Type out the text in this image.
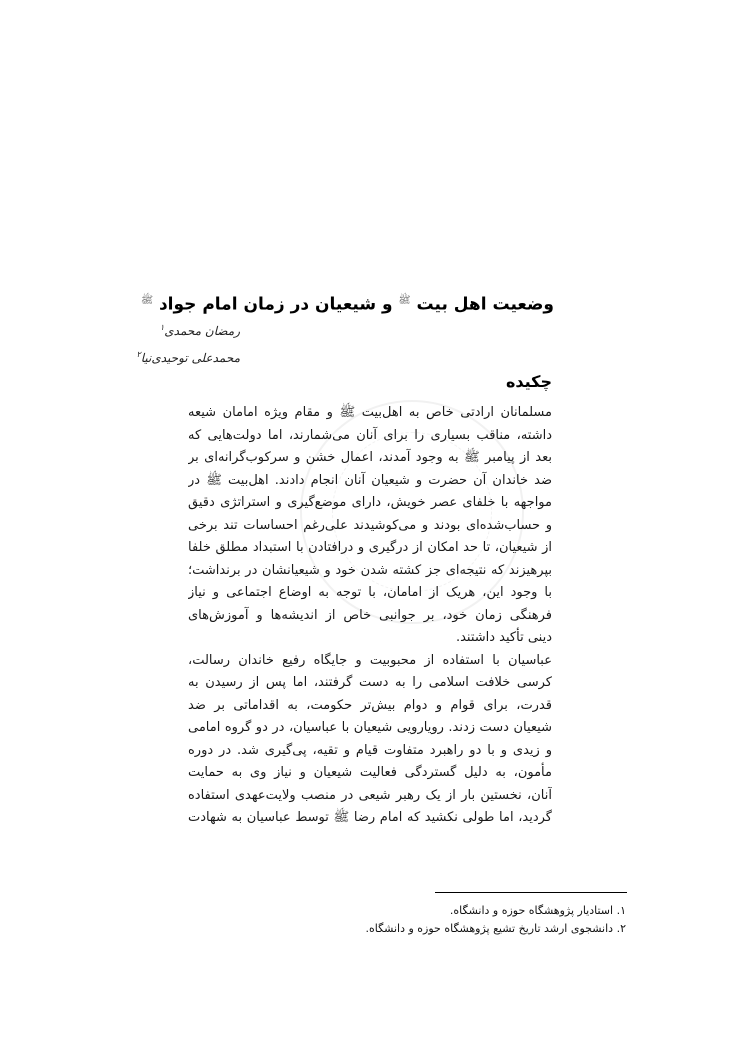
وضعیت اهل بیت $^ﷺ$ و شیعیان در زمان امام جواد $^ﷺ$
رمضان محمدی$^۱$
محمدعلی توحیدی‌نیا$^۲$
چکیده
مسلمانان ارادتی خاص به اهل‌بیت ﷺ و مقام ویژه امامان شیعه
داشته، مناقب بسیاری را برای آنان می‌شمارند، اما دولت‌هایی که
بعد از پیامبر ﷺ به وجود آمدند، اعمال خشن و سرکوب‌گرانه‌ای بر
ضد خاندان آن حضرت و شیعیان آنان انجام دادند. اهل‌بیت ﷺ در
مواجهه با خلفای عصر خویش، دارای موضع‌گیری و استراتژی دقیق
و حساب‌شده‌ای بودند و می‌کوشیدند علی‌رغم احساسات تند برخی
از شیعیان، تا حد امکان از درگیری و درافتادن با استبداد مطلق خلفا
بپرهیزند که نتیجه‌ای جز کشته شدن خود و شیعیانشان در برنداشت؛
با وجود این، هریک از امامان، با توجه به اوضاع اجتماعی و نیاز
فرهنگی زمان خود، بر جوانبی خاص از اندیشه‌ها و آموزش‌های
دینی تأکید داشتند.
عباسیان با استفاده از محبوبیت و جایگاه رفیع خاندان رسالت،
کرسی خلافت اسلامی را به دست گرفتند، اما پس از رسیدن به
قدرت، برای قوام و دوام بیش‌تر حکومت، به اقداماتی بر ضد
شیعیان دست زدند. رویارویی شیعیان با عباسیان، در دو گروه امامی
و زیدی و با دو راهبرد متفاوت قیام و تقیه، پی‌گیری شد. در دوره
مأمون، به دلیل گستردگی فعالیت شیعیان و نیاز وی به حمایت
آنان، نخستین بار از یک رهبر شیعی در منصب ولایت‌عهدی استفاده
گردید، اما طولی نکشید که امام رضا ﷺ توسط عباسیان به شهادت
۱. استادیار پژوهشگاه حوزه و دانشگاه.
۲. دانشجوی ارشد تاریخ تشیع پژوهشگاه حوزه و دانشگاه.
